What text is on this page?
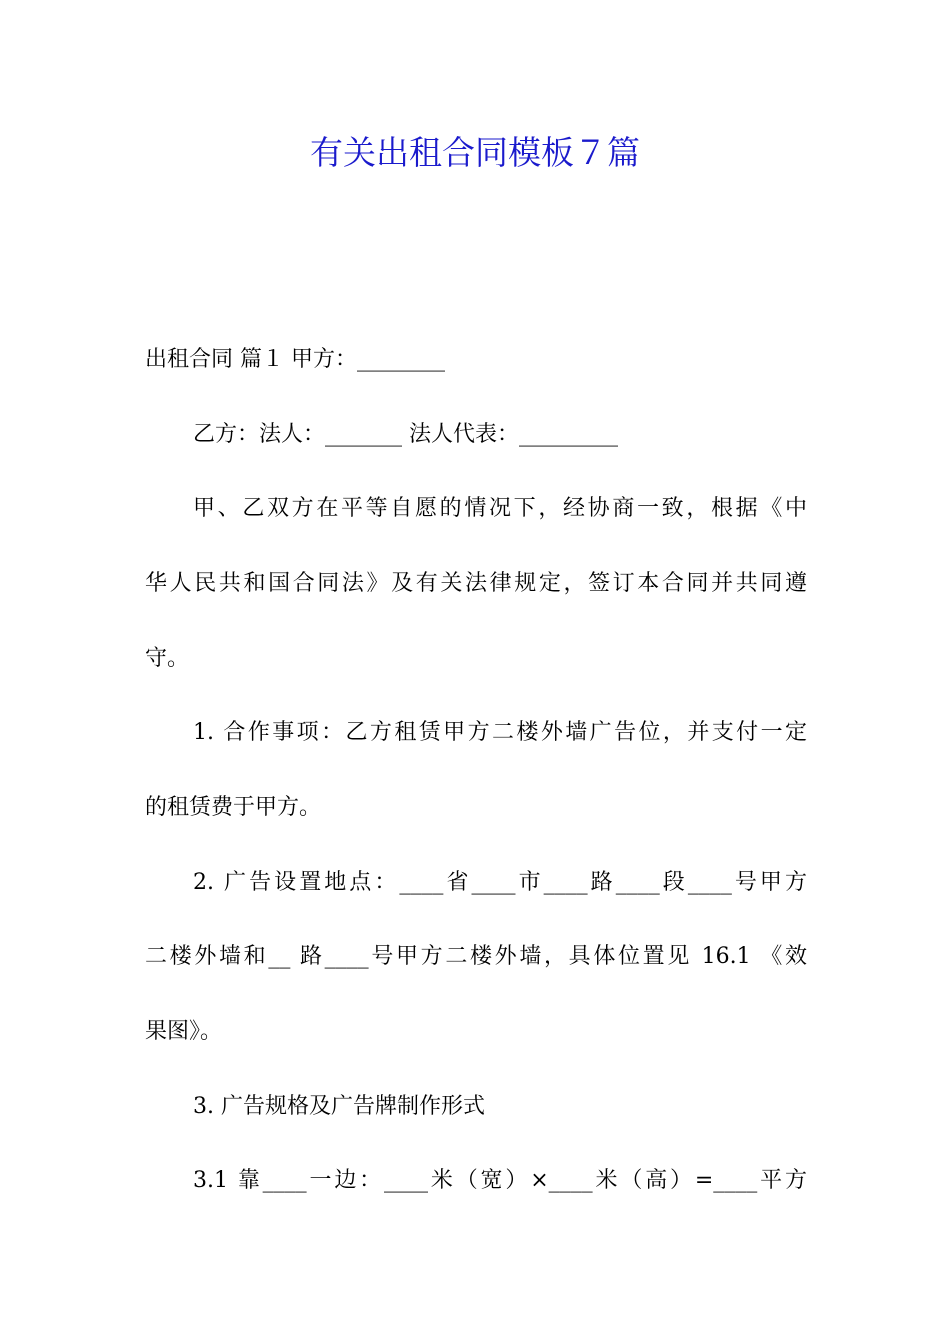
有关出租合同模板７篇
出租合同 篇１ 甲方：________
乙方：法人：_______ 法人代表：_________
甲、乙双方在平等自愿的情况下，经协商一致，根据《中
华人民共和国合同法》及有关法律规定，签订本合同并共同遵
守。
1. 合作事项：乙方租赁甲方二楼外墙广告位，并支付一定
的租赁费于甲方。
2. 广告设置地点：____省____市____路____段____号甲方
二楼外墙和__ 路____号甲方二楼外墙，具体位置见 16.1 《效
果图》。
3. 广告规格及广告牌制作形式
3.1 靠____一边：____米（宽）×____米（高）=____平方
